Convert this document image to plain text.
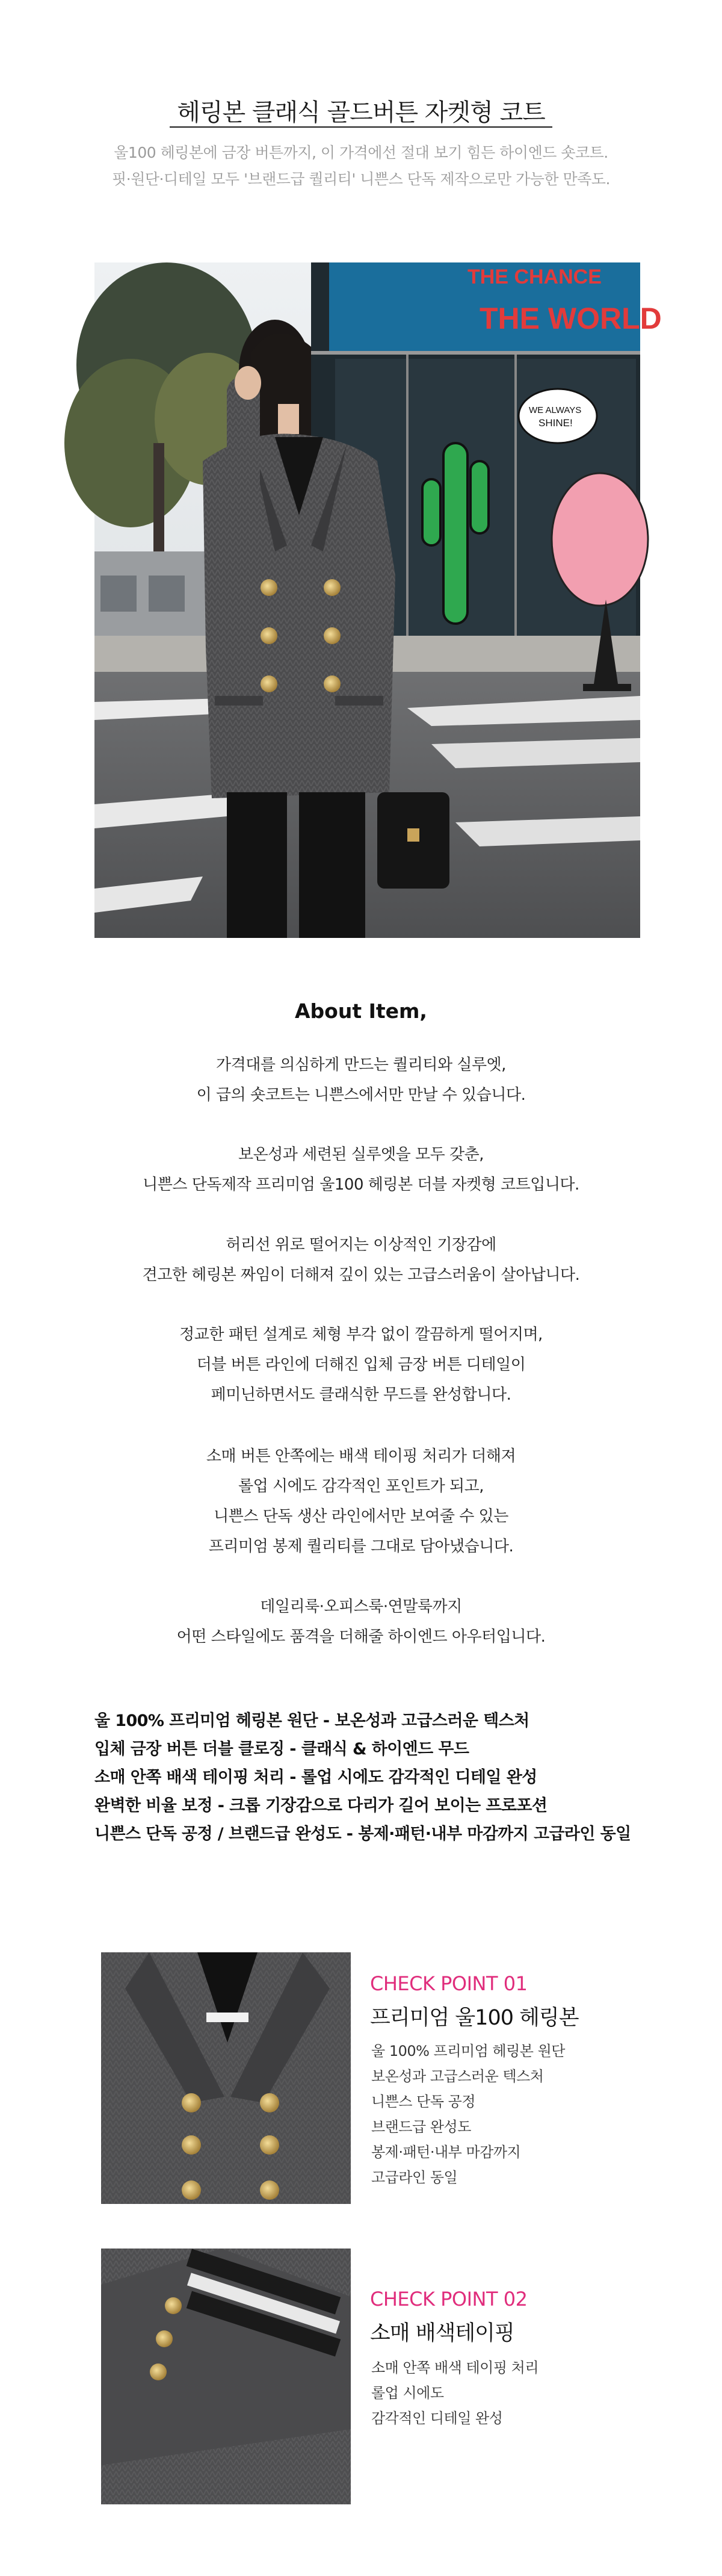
헤링본 클래식 골드버튼 자켓형 코트
울100 헤링본에 금장 버튼까지, 이 가격에선 절대 보기 힘든 하이엔드 숏코트.
핏·원단·디테일 모두 '브랜드급 퀄리티' 니쁜스 단독 제작으로만 가능한 만족도.
THE CHANCE
THE WORLD
WE ALWAYS
SHINE!
About Item,
가격대를 의심하게 만드는 퀄리티와 실루엣,
이 급의 숏코트는 니쁜스에서만 만날 수 있습니다.
보온성과 세련된 실루엣을 모두 갖춘,
니쁜스 단독제작 프리미엄 울100 헤링본 더블 자켓형 코트입니다.
허리선 위로 떨어지는 이상적인 기장감에
견고한 헤링본 짜임이 더해져 깊이 있는 고급스러움이 살아납니다.
정교한 패턴 설계로 체형 부각 없이 깔끔하게 떨어지며,
더블 버튼 라인에 더해진 입체 금장 버튼 디테일이
페미닌하면서도 클래식한 무드를 완성합니다.
소매 버튼 안쪽에는 배색 테이핑 처리가 더해져
롤업 시에도 감각적인 포인트가 되고,
니쁜스 단독 생산 라인에서만 보여줄 수 있는
프리미엄 봉제 퀄리티를 그대로 담아냈습니다.
데일리룩·오피스룩·연말룩까지
어떤 스타일에도 품격을 더해줄 하이엔드 아우터입니다.
울 100% 프리미엄 헤링본 원단 - 보온성과 고급스러운 텍스처
입체 금장 버튼 더블 클로징 - 클래식 & 하이엔드 무드
소매 안쪽 배색 테이핑 처리 - 롤업 시에도 감각적인 디테일 완성
완벽한 비율 보정 - 크롭 기장감으로 다리가 길어 보이는 프로포션
니쁜스 단독 공정 / 브랜드급 완성도 - 봉제·패턴·내부 마감까지 고급라인 동일
CHECK POINT 01
프리미엄 울100 헤링본
울 100% 프리미엄 헤링본 원단
보온성과 고급스러운 텍스처
니쁜스 단독 공정
브랜드급 완성도
봉제·패턴·내부 마감까지
고급라인 동일
CHECK POINT 02
소매 배색테이핑
소매 안쪽 배색 테이핑 처리
롤업 시에도
감각적인 디테일 완성
